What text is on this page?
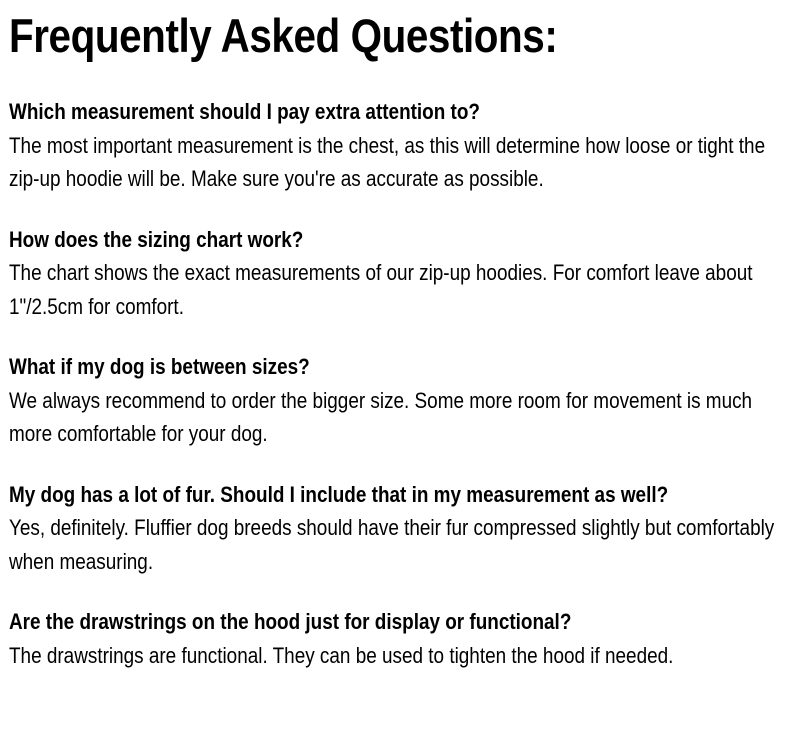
Frequently Asked Questions:

Which measurement should I pay extra attention to?

The most important measurement is the chest, as this will determine how loose or tight the zip-up hoodie will be. Make sure you're as accurate as possible.

How does the sizing chart work?

The chart shows the exact measurements of our zip-up hoodies. For comfort leave about 1"/2.5cm for comfort.

What if my dog is between sizes?

We always recommend to order the bigger size. Some more room for movement is much more comfortable for your dog.

My dog has a lot of fur. Should I include that in my measurement as well?

Yes, definitely. Fluffier dog breeds should have their fur compressed slightly but comfortably when measuring.

Are the drawstrings on the hood just for display or functional?

The drawstrings are functional. They can be used to tighten the hood if needed.
